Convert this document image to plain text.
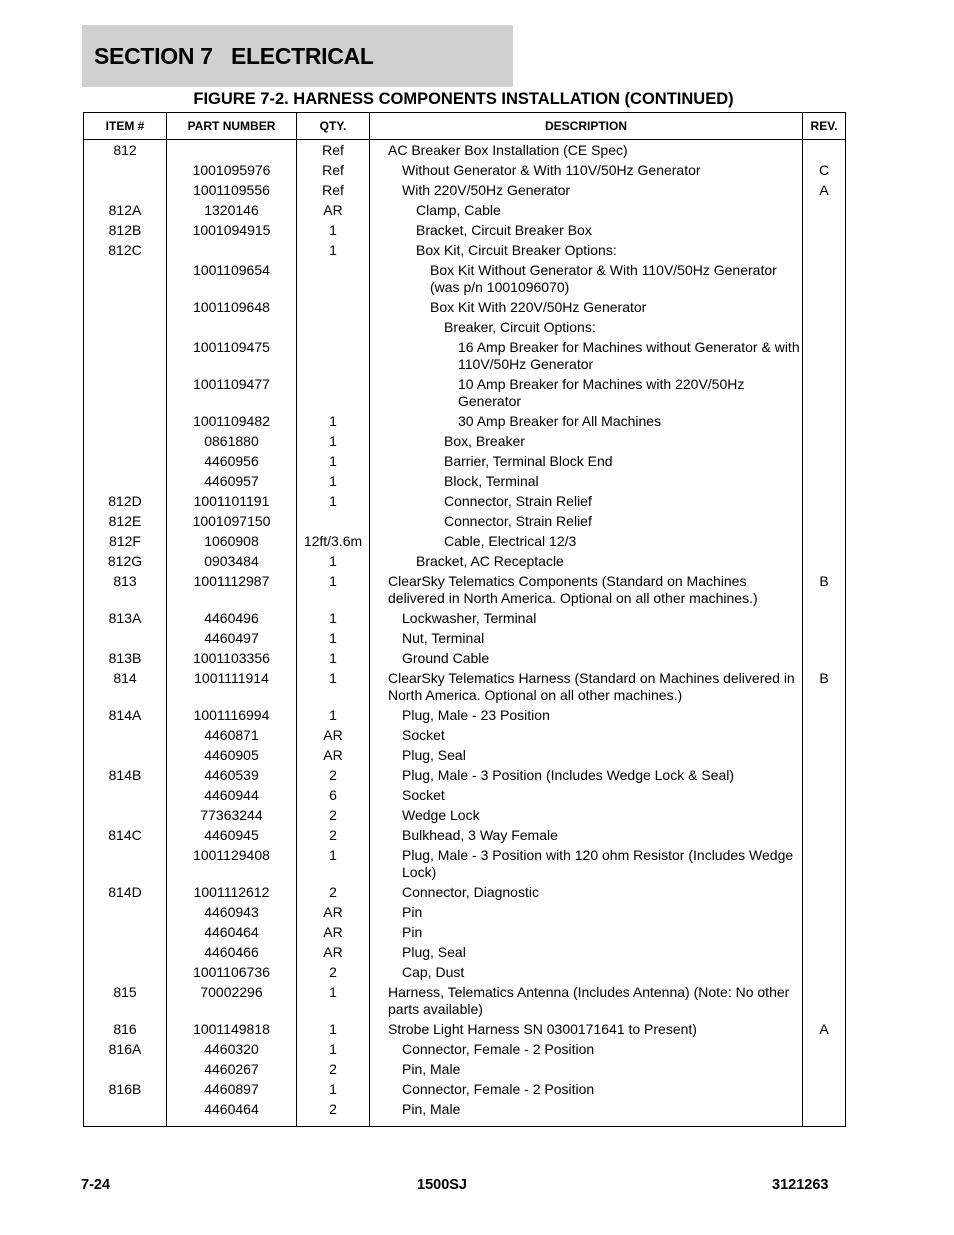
SECTION 7   ELECTRICAL
FIGURE 7-2. HARNESS COMPONENTS INSTALLATION (CONTINUED)
ITEM #	PART NUMBER	QTY.	DESCRIPTION	REV.
812		Ref	AC Breaker Box Installation (CE Spec)	
	1001095976	Ref	Without Generator & With 110V/50Hz Generator	C
	1001109556	Ref	With 220V/50Hz Generator	A
812A	1320146	AR	Clamp, Cable	
812B	1001094915	1	Bracket, Circuit Breaker Box	
812C		1	Box Kit, Circuit Breaker Options:	
	1001109654		Box Kit Without Generator & With 110V/50Hz Generator (was p/n 1001096070)	
	1001109648		Box Kit With 220V/50Hz Generator	
			Breaker, Circuit Options:	
	1001109475		16 Amp Breaker for Machines without Generator & with 110V/50Hz Generator	
	1001109477		10 Amp Breaker for Machines with 220V/50Hz Generator	
	1001109482	1	30 Amp Breaker for All Machines	
	0861880	1	Box, Breaker	
	4460956	1	Barrier, Terminal Block End	
	4460957	1	Block, Terminal	
812D	1001101191	1	Connector, Strain Relief	
812E	1001097150		Connector, Strain Relief	
812F	1060908	12ft/3.6m	Cable, Electrical 12/3	
812G	0903484	1	Bracket, AC Receptacle	
813	1001112987	1	ClearSky Telematics Components (Standard on Machines delivered in North America. Optional on all other machines.)	B
813A	4460496	1	Lockwasher, Terminal	
	4460497	1	Nut, Terminal	
813B	1001103356	1	Ground Cable	
814	1001111914	1	ClearSky Telematics Harness (Standard on Machines delivered in North America. Optional on all other machines.)	B
814A	1001116994	1	Plug, Male - 23 Position	
	4460871	AR	Socket	
	4460905	AR	Plug, Seal	
814B	4460539	2	Plug, Male - 3 Position (Includes Wedge Lock & Seal)	
	4460944	6	Socket	
	77363244	2	Wedge Lock	
814C	4460945	2	Bulkhead, 3 Way Female	
	1001129408	1	Plug, Male - 3 Position with 120 ohm Resistor (Includes Wedge Lock)	
814D	1001112612	2	Connector, Diagnostic	
	4460943	AR	Pin	
	4460464	AR	Pin	
	4460466	AR	Plug, Seal	
	1001106736	2	Cap, Dust	
815	70002296	1	Harness, Telematics Antenna (Includes Antenna) (Note: No other parts available)	
816	1001149818	1	Strobe Light Harness SN 0300171641 to Present)	A
816A	4460320	1	Connector, Female - 2 Position	
	4460267	2	Pin, Male	
816B	4460897	1	Connector, Female - 2 Position	
	4460464	2	Pin, Male	
7-24	1500SJ	3121263
